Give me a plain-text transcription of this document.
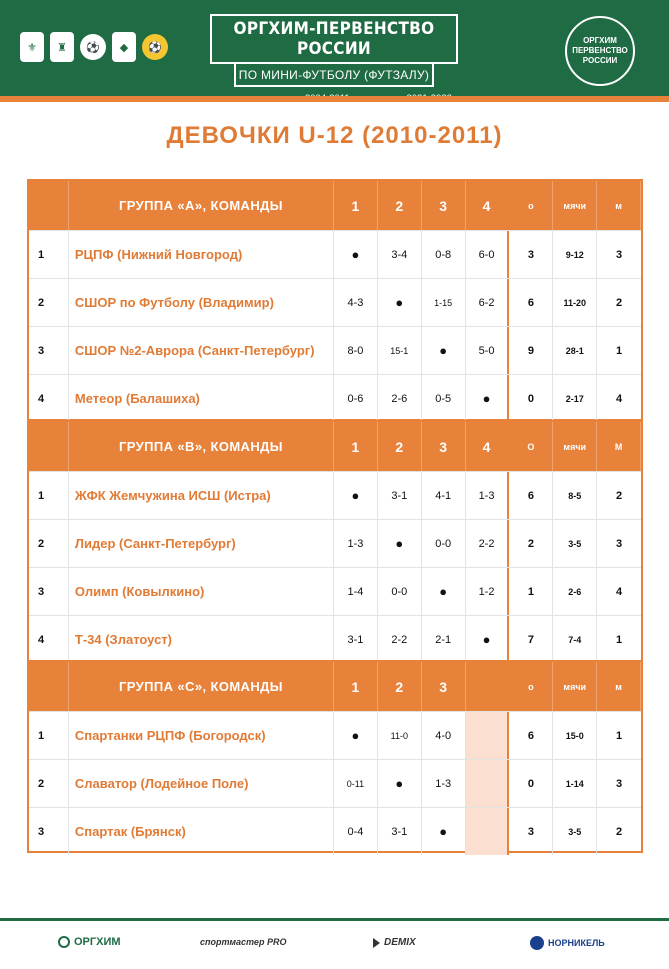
⚜	♜	⚽	◆	⚽
ОРГХИМ-ПЕРВЕНСТВО РОССИИ
ПО МИНИ-ФУТБОЛУ (ФУТЗАЛУ)
ОРГХИМ ПЕРВЕНСТВО РОССИИ
ДЕВОЧКИ U-12 (2010-2011)
ГРУППА «А», КОМАНДЫ	1	2	3	4	о	мячи	м
1	РЦПФ (Нижний Новгород)	●	3-4	0-8	6-0	3	9-12	3
2	СШОР по Футболу (Владимир)	4-3	●	1-15	6-2	6	11-20	2
3	СШОР №2-Аврора (Санкт-Петербург)	8-0	15-1	●	5-0	9	28-1	1
4	Метеор (Балашиха)	0-6	2-6	0-5	●	0	2-17	4
ГРУППА «В», КОМАНДЫ	1	2	3	4	О	мячи	М
1	ЖФК Жемчужина ИСШ (Истра)	●	3-1	4-1	1-3	6	8-5	2
2	Лидер (Санкт-Петербург)	1-3	●	0-0	2-2	2	3-5	3
3	Олимп (Ковылкино)	1-4	0-0	●	1-2	1	2-6	4
4	Т-34 (Златоуст)	3-1	2-2	2-1	●	7	7-4	1
ГРУППА «С», КОМАНДЫ	1	2	3	о	мячи	м
1	Спартанки РЦПФ (Богородск)	●	11-0	4-0	6	15-0	1
2	Славатор (Лодейное Поле)	0-11	●	1-3	0	1-14	3
3	Спартак (Брянск)	0-4	3-1	●	3	3-5	2
ОРГХИМ	спортмастер PRO	DEMIX	НОРНИКЕЛЬ
